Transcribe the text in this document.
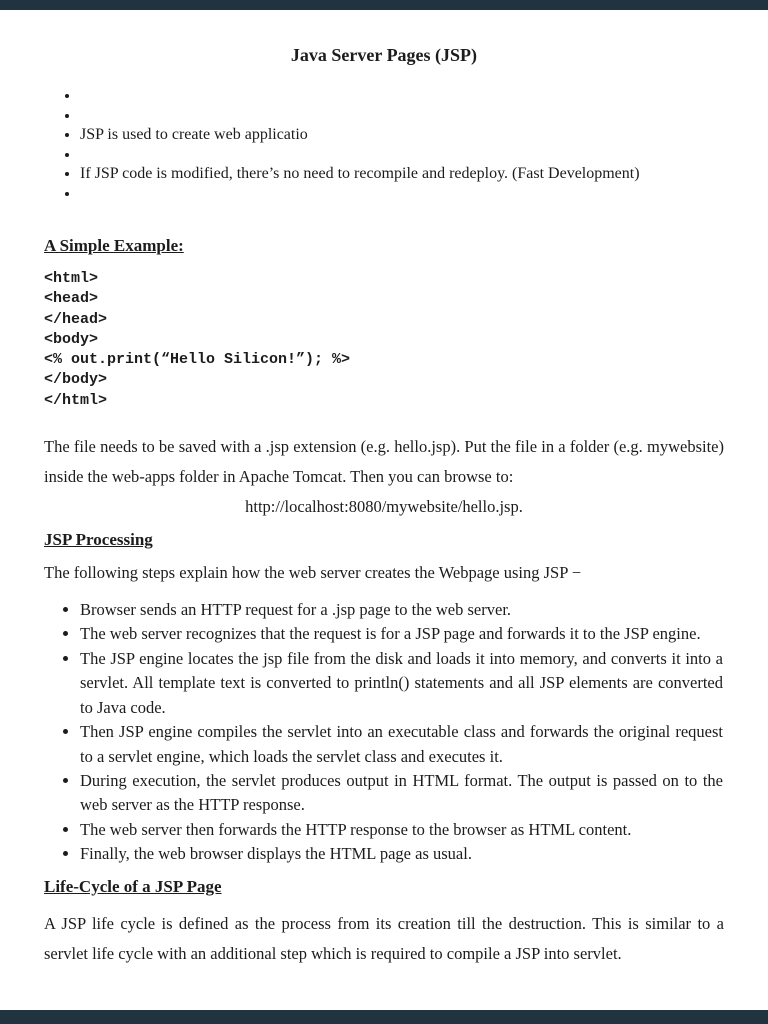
Java Server Pages (JSP)
•
•
• JSP is used to create web applicatio
•
• If JSP code is modified, there’s no need to recompile and redeploy. (Fast Development)
•
A Simple Example:
<html>
<head>
</head>
<body>
<% out.print(“Hello Silicon!”); %>
</body>
</html>

The file needs to be saved with a .jsp extension (e.g. hello.jsp). Put the file in a folder (e.g. mywebsite) inside the web-apps folder in Apache Tomcat. Then you can browse to:

http://localhost:8080/mywebsite/hello.jsp.

JSP Processing

The following steps explain how the web server creates the Webpage using JSP −

• Browser sends an HTTP request for a .jsp page to the web server.
• The web server recognizes that the request is for a JSP page and forwards it to the JSP engine.
• The JSP engine locates the jsp file from the disk and loads it into memory, and converts it into a servlet. All template text is converted to println() statements and all JSP elements are converted to Java code.
• Then JSP engine compiles the servlet into an executable class and forwards the original request to a servlet engine, which loads the servlet class and executes it.
• During execution, the servlet produces output in HTML format. The output is passed on to the web server as the HTTP response.
• The web server then forwards the HTTP response to the browser as HTML content.
• Finally, the web browser displays the HTML page as usual.
Life-Cycle of a JSP Page

A JSP life cycle is defined as the process from its creation till the destruction. This is similar to a servlet life cycle with an additional step which is required to compile a JSP into servlet.
